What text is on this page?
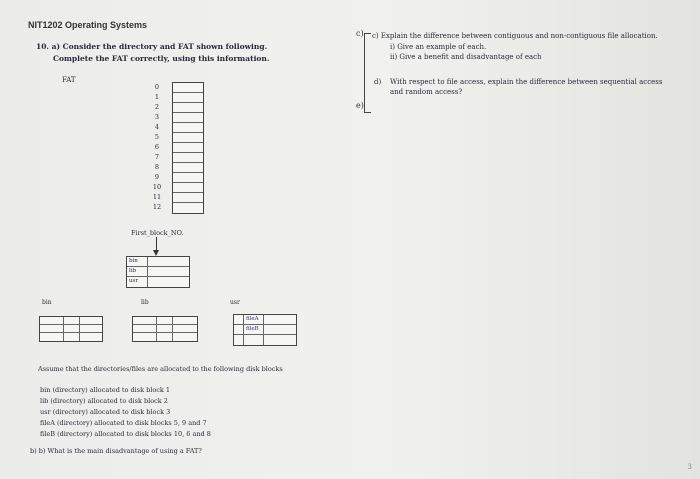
NIT1202 Operating Systems
10. a) Consider the directory and FAT shown following.
Complete the FAT correctly, using this information.
FAT
0
1
2
3
4
5
6
7
8
9
10
11
12
First_block_NO.
bin
lib
usr
bin	lib	usr
fileA
fileB
Assume that the directories/files are allocated to the following disk blocks
bin (directory) allocated to disk block 1
lib (directory) allocated to disk block 2
usr (directory) allocated to disk block 3
fileA (directory) allocated to disk blocks 5, 9 and 7
fileB (directory) allocated to disk blocks 10, 6 and 8
b) b) What is the main disadvantage of using a FAT?
c) c) Explain the difference between contiguous and non-contiguous file allocation.
i) Give an example of each.
ii) Give a benefit and disadvantage of each
d) With respect to file access, explain the difference between sequential access
and random access?
e)
3
